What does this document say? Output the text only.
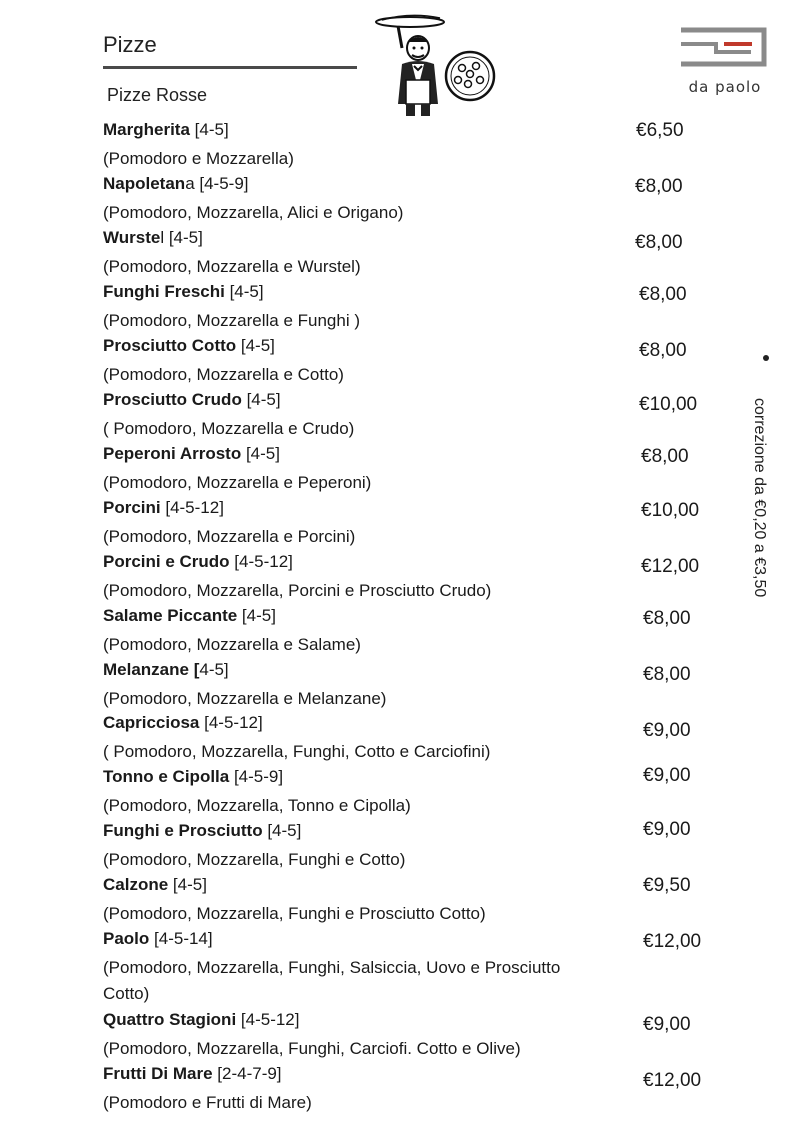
Pizze
Pizze Rosse	da paolo
Margherita [4-5]
(Pomodoro e Mozzarella)
€6,50
Napoletana [4-5-9]
(Pomodoro, Mozzarella, Alici e Origano)
€8,00
Wurstel [4-5]
(Pomodoro, Mozzarella e Wurstel)
€8,00
Funghi Freschi [4-5]
(Pomodoro, Mozzarella e Funghi )
€8,00
Prosciutto Cotto [4-5]
(Pomodoro, Mozzarella e Cotto)
€8,00
Prosciutto Crudo [4-5]
( Pomodoro, Mozzarella e Crudo)
€10,00
Peperoni Arrosto [4-5]
(Pomodoro, Mozzarella e Peperoni)
€8,00
Porcini [4-5-12]
(Pomodoro, Mozzarella e Porcini)
€10,00
Porcini e Crudo [4-5-12]
(Pomodoro, Mozzarella, Porcini e Prosciutto Crudo)
€12,00
Salame Piccante [4-5]
(Pomodoro, Mozzarella e Salame)
€8,00
Melanzane [4-5]
(Pomodoro, Mozzarella e Melanzane)
€8,00
Capricciosa [4-5-12]
( Pomodoro, Mozzarella, Funghi, Cotto e Carciofini)
€9,00
Tonno e Cipolla [4-5-9]
(Pomodoro, Mozzarella, Tonno e Cipolla)
€9,00
Funghi e Prosciutto [4-5]
(Pomodoro, Mozzarella, Funghi e Cotto)
€9,00
Calzone [4-5]
(Pomodoro, Mozzarella, Funghi e Prosciutto Cotto)
€9,50
Paolo [4-5-14]
(Pomodoro, Mozzarella, Funghi, Salsiccia, Uovo e Prosciutto
Cotto)
€12,00
Quattro Stagioni [4-5-12]
(Pomodoro, Mozzarella, Funghi, Carciofi. Cotto e Olive)
€9,00
Frutti Di Mare [2-4-7-9]
(Pomodoro e Frutti di Mare)
€12,00
correzione da €0,20 a €3,50
